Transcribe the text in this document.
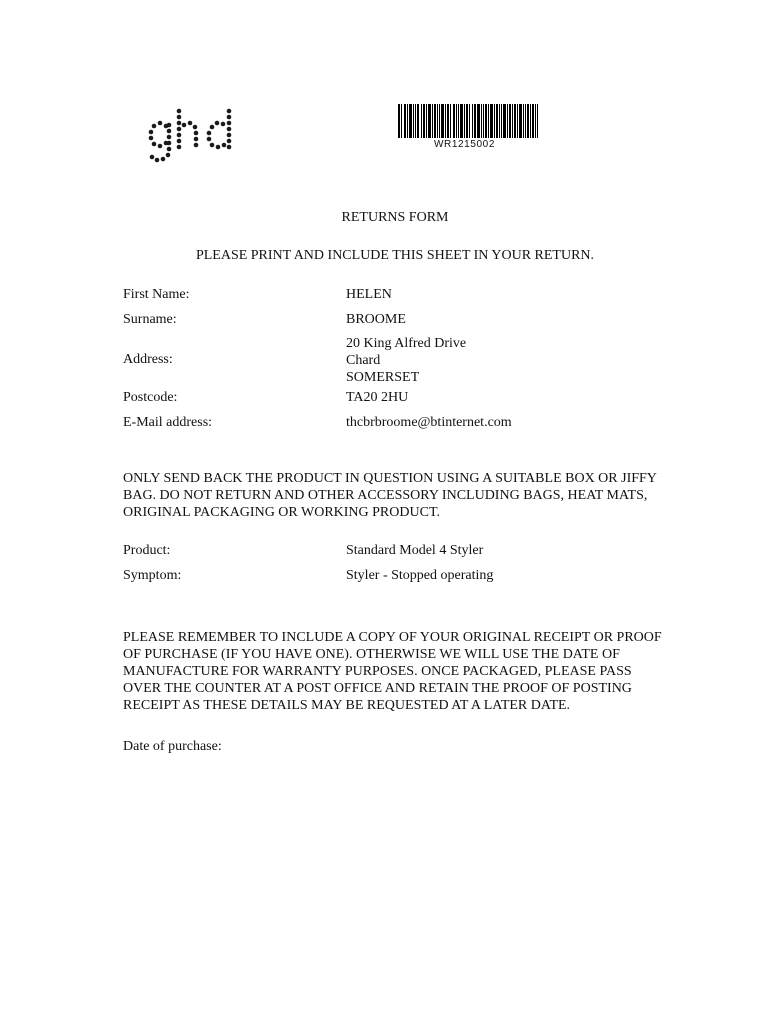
WR1215002
RETURNS FORM
PLEASE PRINT AND INCLUDE THIS SHEET IN YOUR RETURN.
First Name:	HELEN
Surname:	BROOME
Address:
20 King Alfred Drive
Chard
SOMERSET
Postcode:	TA20 2HU
E-Mail address:	thcbrbroome@btinternet.com
ONLY SEND BACK THE PRODUCT IN QUESTION USING A SUITABLE BOX OR JIFFY BAG. DO NOT RETURN AND OTHER ACCESSORY INCLUDING BAGS, HEAT MATS, ORIGINAL PACKAGING OR WORKING PRODUCT.
Product:	Standard Model 4 Styler
Symptom:	Styler - Stopped operating
PLEASE REMEMBER TO INCLUDE A COPY OF YOUR ORIGINAL RECEIPT OR PROOF OF PURCHASE (IF YOU HAVE ONE). OTHERWISE WE WILL USE THE DATE OF MANUFACTURE FOR WARRANTY PURPOSES. ONCE PACKAGED, PLEASE PASS OVER THE COUNTER AT A POST OFFICE AND RETAIN THE PROOF OF POSTING RECEIPT AS THESE DETAILS MAY BE REQUESTED AT A LATER DATE.
Date of purchase:
